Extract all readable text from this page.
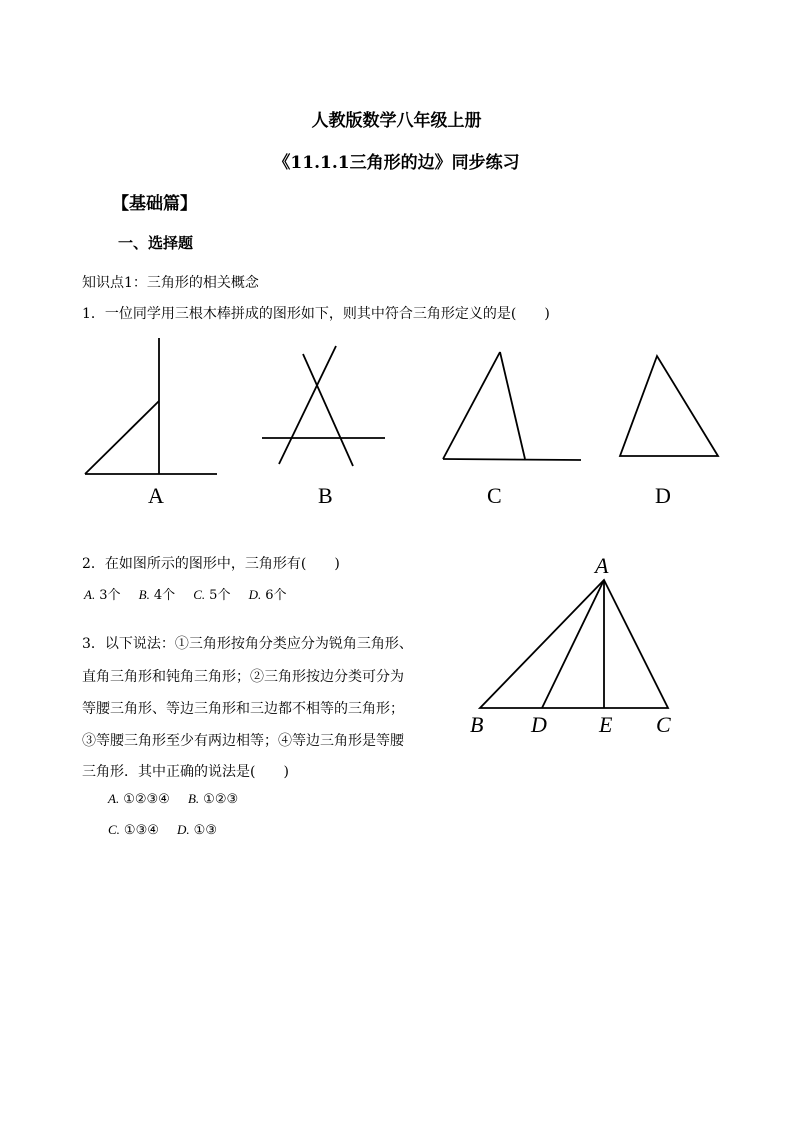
人教版数学八年级上册
《11.1.1三角形的边》同步练习
【基础篇】
一、选择题
知识点1：三角形的相关概念
1．一位同学用三根木棒拼成的图形如下，则其中符合三角形定义的是(　　)
A	B	C	D
2．在如图所示的图形中，三角形有(　　)
A. 3个 B. 4个 C. 5个 D. 6个
A
B D E C
3．以下说法：①三角形按角分类应分为锐角三角形、
直角三角形和钝角三角形；②三角形按边分类可分为
等腰三角形、等边三角形和三边都不相等的三角形；
③等腰三角形至少有两边相等；④等边三角形是等腰
三角形．其中正确的说法是(　　)
A. ①②③④ B. ①②③
C. ①③④ D. ①③
